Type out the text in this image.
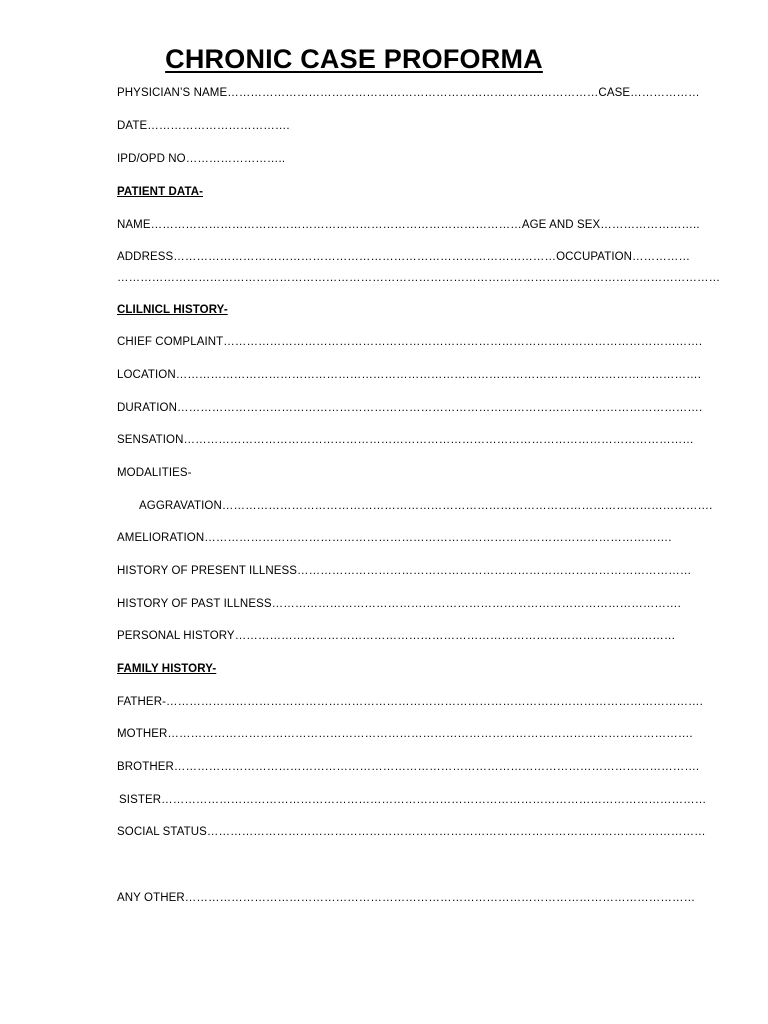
CHRONIC CASE PROFORMA
PHYSICIAN’S NAME……………………………………………………………………………………CASE………………
DATE……………………………….
IPD/OPD NO……………………..
PATIENT DATA-
NAME……………………………………………………………………………………AGE AND SEX……………………..
ADDRESS………………………………………………………………………………………OCCUPATION……………
…………………………………………………………………………………………………………………………………………
CLILNICL HISTORY-
CHIEF COMPLAINT…………………………………………………………………………………………………………….
LOCATION……………………………………………………………………………………………………………………….
DURATION……………………………………………………………………………………………………………………….
SENSATION……………………………………………………………………………………………………………………
MODALITIES-
AGGRAVATION……………………………………………………………………………………………………………….
AMELIORATION………………………………………………………………………………………………………….
HISTORY OF PRESENT ILLNESS…………………………………………………………………………………………
HISTORY OF PAST ILLNESS…………………………………………………………………………………………….
PERSONAL HISTORY……………………………………………………………………………………………………
FAMILY HISTORY-
FATHER-………………………………………………………………………………………………………………………….
MOTHER……………………………………………………………………………………………………………………….
BROTHER……………………………………………………………………………………………………………………….
SISTER……………………………………………………………………………………………………………………………
SOCIAL STATUS…………………………………………………………………………………………………………………
ANY OTHER……………………………………………………………………………………………………………………
